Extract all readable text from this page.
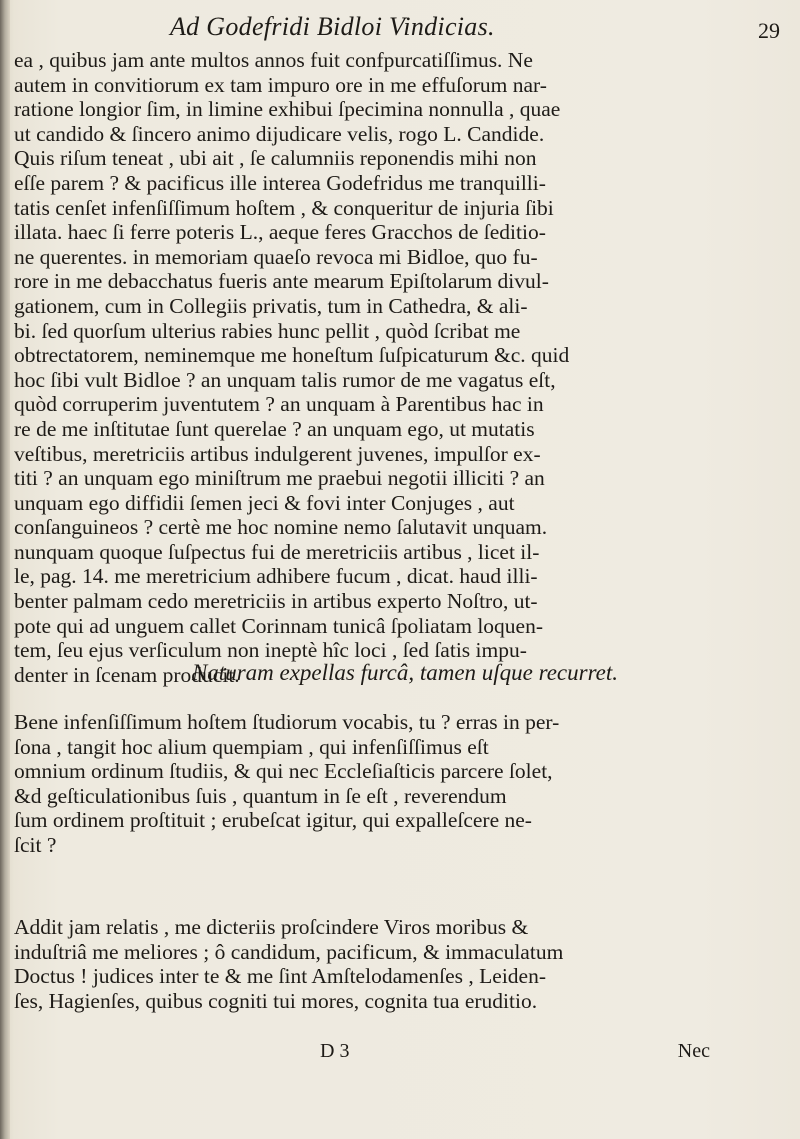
Ad Godefridi Bidloi Vindicias.	29
ea , quibus jam ante multos annos fuit confpurcatiſſimus. Ne
autem in convitiorum ex tam impuro ore in me effuſorum nar-
ratione longior ſim, in limine exhibui ſpecimina nonnulla , quae
ut candido & ſincero animo dijudicare velis, rogo L. Candide.
Quis riſum teneat , ubi ait , ſe calumniis reponendis mihi non
eſſe parem ? & pacificus ille interea Godefridus me tranquilli-
tatis cenſet infenſiſſimum hoſtem , & conqueritur de injuria ſibi
illata. haec ſi ferre poteris L., aeque feres Gracchos de ſeditio-
ne querentes. in memoriam quaeſo revoca mi Bidloe, quo fu-
rore in me debacchatus fueris ante mearum Epiſtolarum divul-
gationem, cum in Collegiis privatis, tum in Cathedra, & ali-
bi. ſed quorſum ulterius rabies hunc pellit , quòd ſcribat me
obtrectatorem, neminemque me honeſtum ſuſpicaturum &c. quid
hoc ſibi vult Bidloe ? an unquam talis rumor de me vagatus eſt,
quòd corruperim juventutem ? an unquam à Parentibus hac in
re de me inſtitutae ſunt querelae ? an unquam ego, ut mutatis
veſtibus, meretriciis artibus indulgerent juvenes, impulſor ex-
titi ? an unquam ego miniſtrum me praebui negotii illiciti ? an
unquam ego diffidii ſemen jeci & fovi inter Conjuges , aut
conſanguineos ? certè me hoc nomine nemo ſalutavit unquam.
nunquam quoque ſuſpectus fui de meretriciis artibus , licet il-
le, pag. 14. me meretricium adhibere fucum , dicat. haud illi-
benter palmam cedo meretriciis in artibus experto Noſtro, ut-
pote qui ad unguem callet Corinnam tunicâ ſpoliatam loquen-
tem, ſeu ejus verſiculum non ineptè hîc loci , ſed ſatis impu-
denter in ſcenam producit.
Naturam expellas furcâ, tamen uſque recurret.
Bene infenſiſſimum hoſtem ſtudiorum vocabis, tu ? erras in per-
ſona , tangit hoc alium quempiam , qui infenſiſſimus eſt
omnium ordinum ſtudiis, & qui nec Eccleſiaſticis parcere ſolet,
&d geſticulationibus ſuis , quantum in ſe eſt , reverendum
ſum ordinem proſtituit ; erubeſcat igitur, qui expalleſcere ne-
ſcit ?
Addit jam relatis , me dicteriis proſcindere Viros moribus &
induſtriâ me meliores ; ô candidum, pacificum, & immaculatum
Doctus ! judices inter te & me ſint Amſtelodamenſes , Leiden-
ſes, Hagienſes, quibus cogniti tui mores, cognita tua eruditio.
D 3	Nec
